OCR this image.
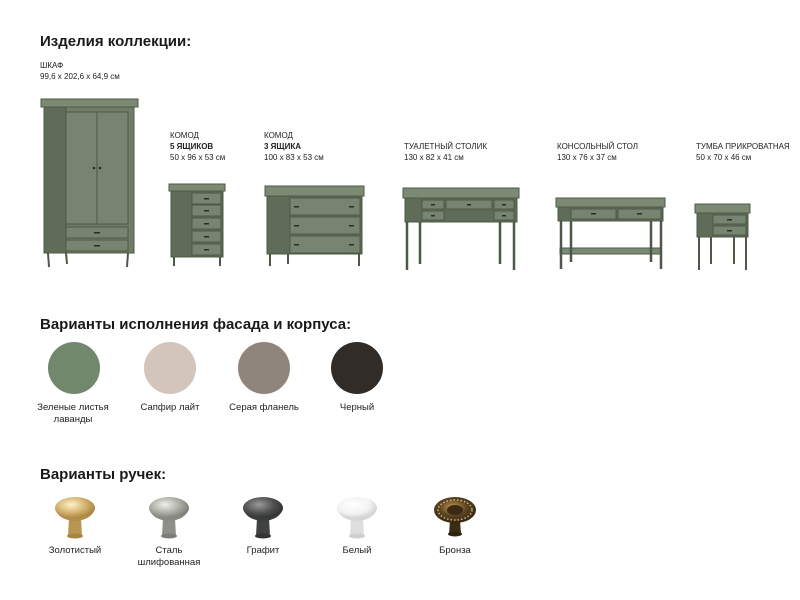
Изделия коллекции:
ШКАФ
99,6 x 202,6 x 64,9 см
КОМОД
5 ЯЩИКОВ
50 x 96 x 53 см
КОМОД
3 ЯЩИКА
100 x 83 x 53 см
ТУАЛЕТНЫЙ СТОЛИК
130 x 82 x 41 см
КОНСОЛЬНЫЙ СТОЛ
130 x 76 x 37 см
ТУМБА ПРИКРОВАТНАЯ
50 x 70 x 46 см
Варианты исполнения фасада и корпуса:
Зеленые листья
лаванды
Сапфир лайт	Серая фланель	Черный
Варианты ручек:
Золотистый	Сталь
шлифованная
Графит	Белый	Бронза
